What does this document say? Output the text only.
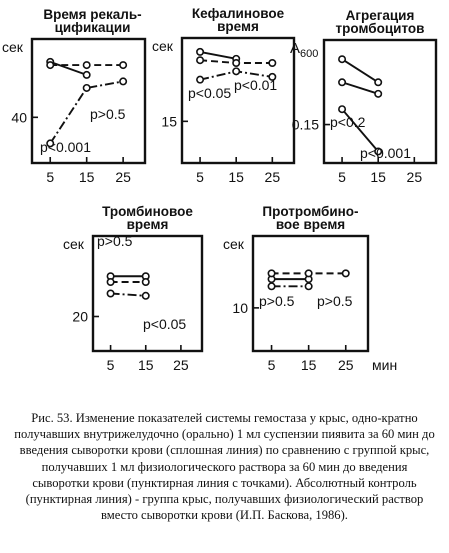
Время рекаль-
цификации
сек
40
5 15 25
p<0.001
p>0.5
Кефалиновое
время
сек
15
5 15 25
p<0.05 p<0.01
Агрегация
тромбоцитов
$A_{600}$
0.15
5 15 25
p<0.2
p<0.001
Тромбиновое
время
сек
20
5 15 25
p>0.5
p<0.05
Протромбино-
вое время
сек
10
5 15 25
p>0.5 p>0.5
мин
Рис. 53. Изменение показателей системы гемостаза у крыс, одно-кратно получавших внутрижелудочно (орально) 1 мл суспензии пиявита за 60 мин до введения сыворотки крови (сплошная линия) по сравнению с группой крыс, получавших 1 мл физиологического раствора за 60 мин до введения сыворотки крови (пунктирная линия с точками). Абсолютный контроль (пунктирная линия) - группа крыс, получавших физиологический раствор вместо сыворотки крови (И.П. Баскова, 1986).
